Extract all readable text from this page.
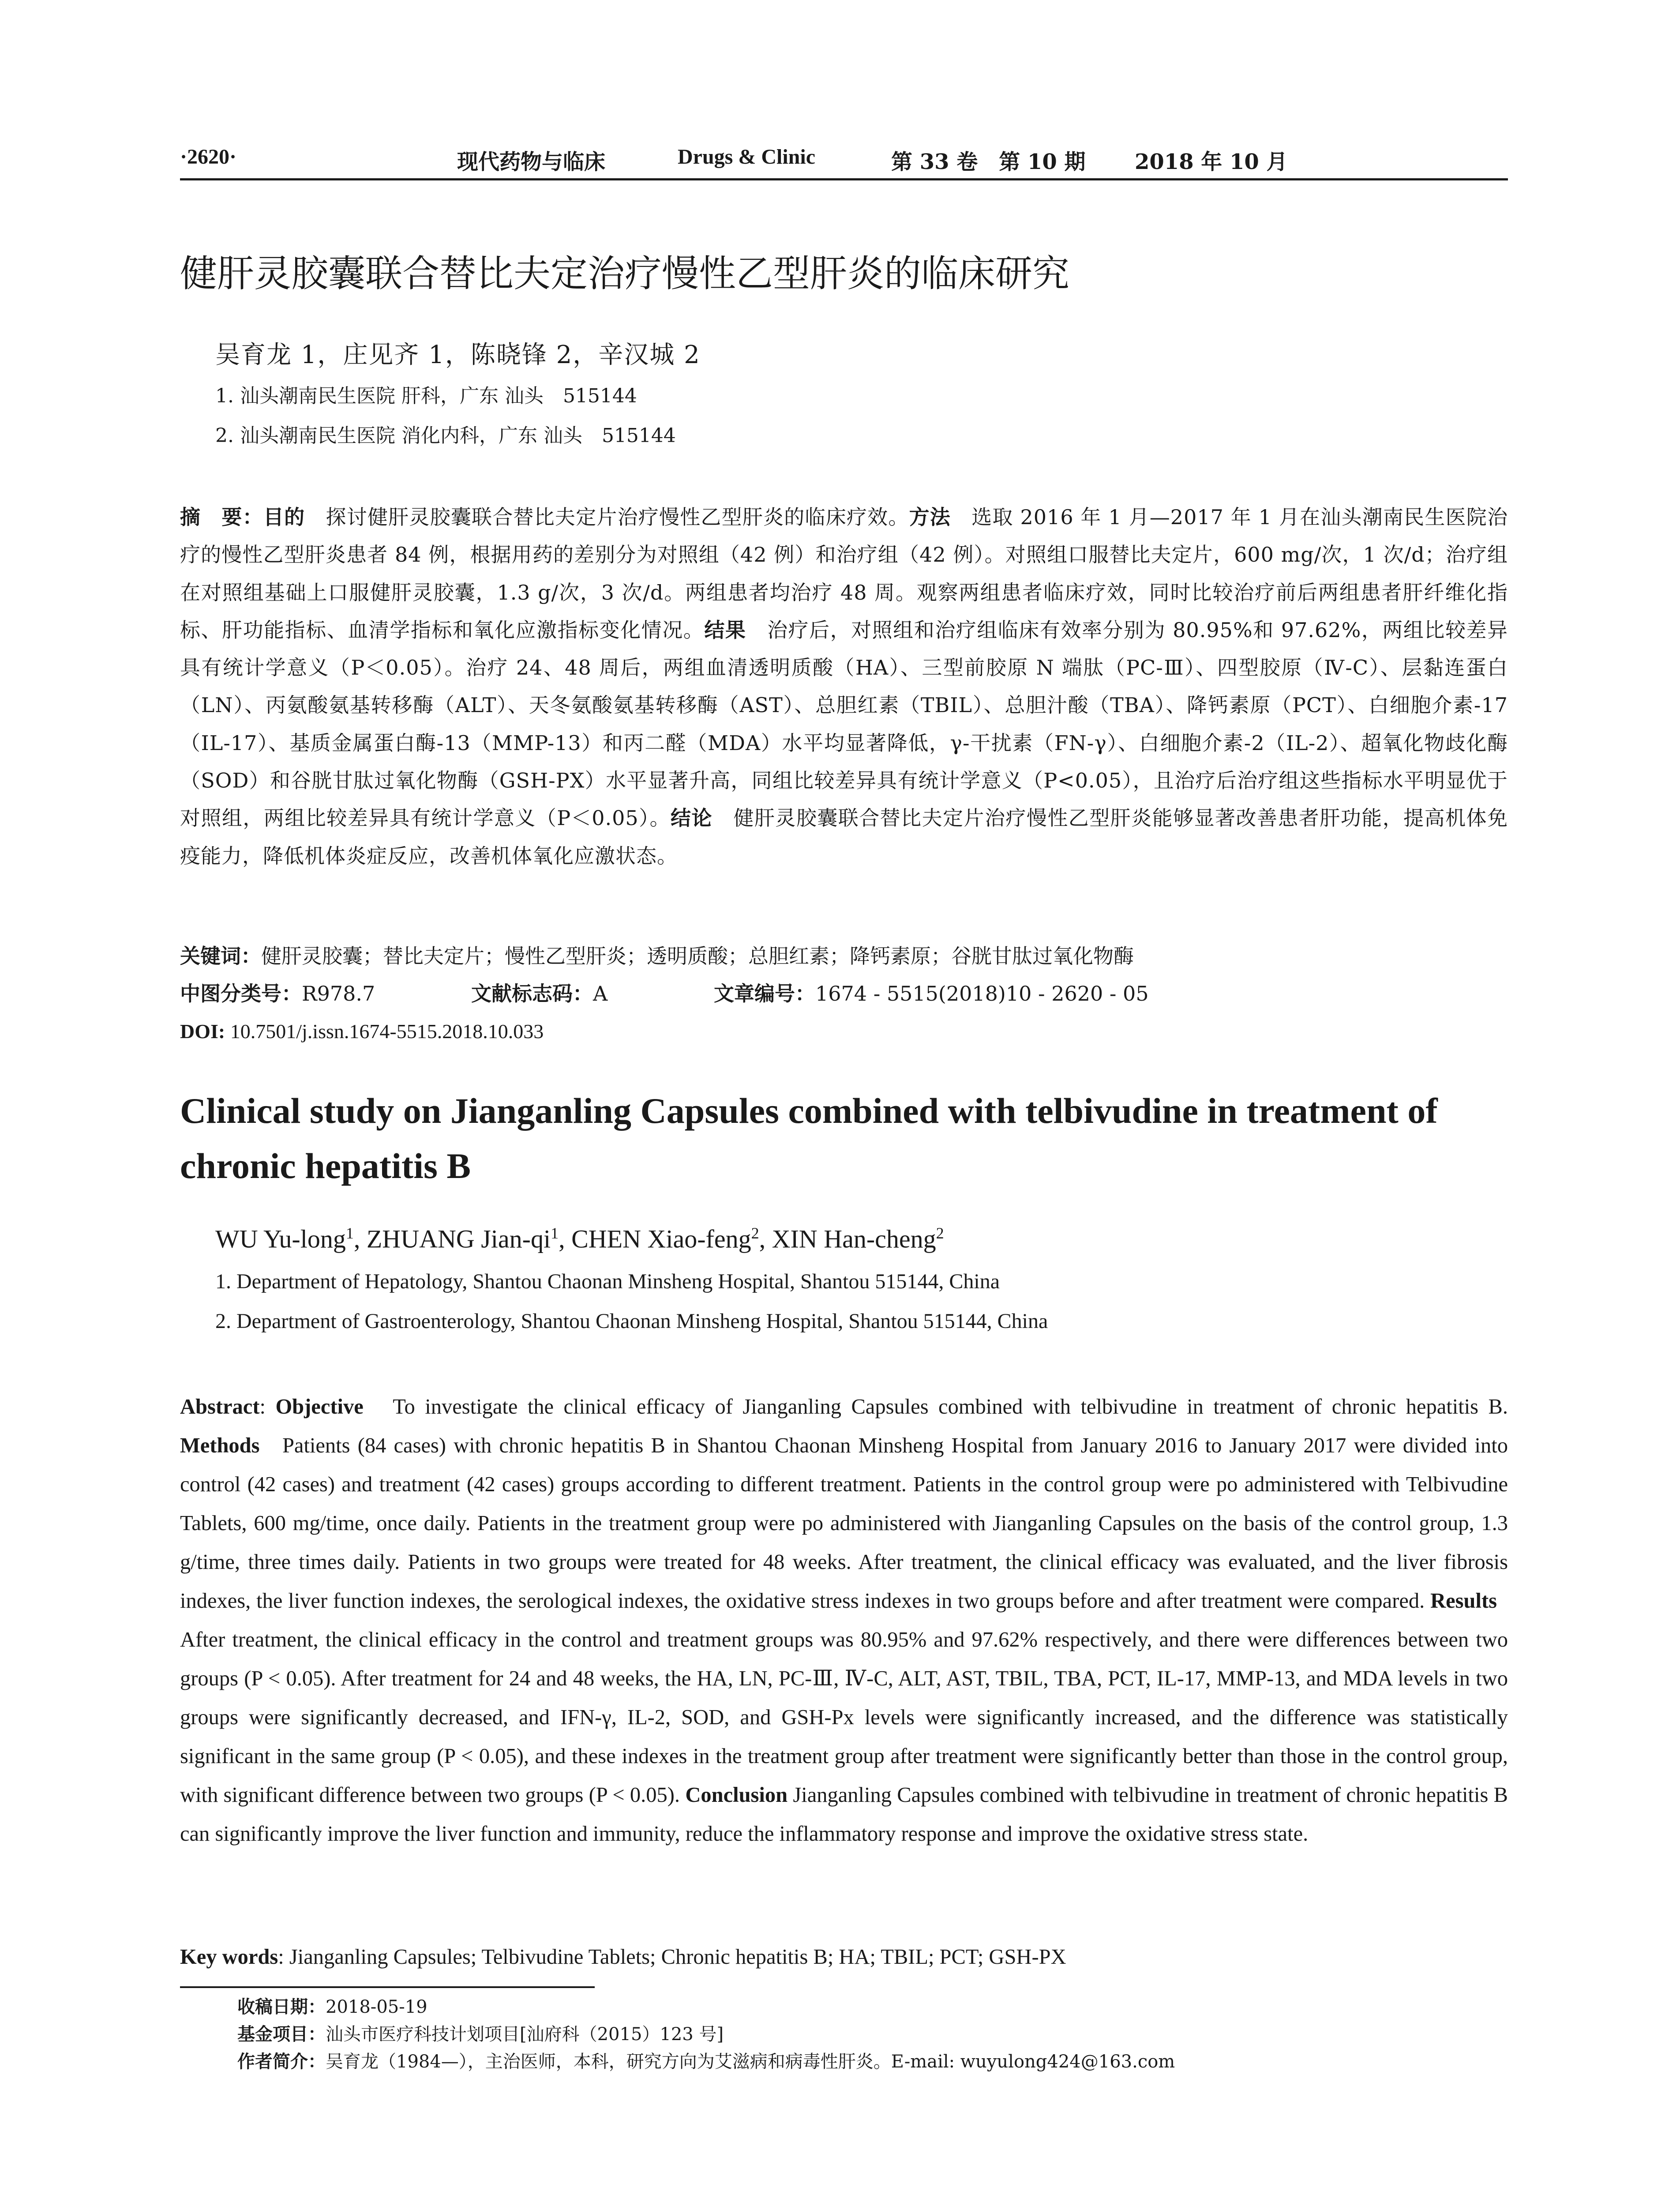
·2620·	现代药物与临床	Drugs & Clinic	第 33 卷　第 10 期 2018 年 10 月
健肝灵胶囊联合替比夫定治疗慢性乙型肝炎的临床研究
吴育龙 1，庄见齐 1，陈晓锋 2，辛汉城 2
1. 汕头潮南民生医院 肝科，广东 汕头　515144
2. 汕头潮南民生医院 消化内科，广东 汕头　515144
摘　要：目的　 探讨健肝灵胶囊联合替比夫定片治疗慢性乙型肝炎的临床疗效。方法　 选取 2016 年 1 月—2017 年 1 月在汕头潮南民生医院治疗的慢性乙型肝炎患者 84 例，根据用药的差别分为对照组（42 例）和治疗组（42 例）。对照组口服替比夫定片，600 mg/次，1 次/d；治疗组在对照组基础上口服健肝灵胶囊，1.3 g/次，3 次/d。两组患者均治疗 48 周。观察两组患者临床疗效，同时比较治疗前后两组患者肝纤维化指标、肝功能指标、血清学指标和氧化应激指标变化情况。结果　 治疗后，对照组和治疗组临床有效率分别为 80.95%和 97.62%，两组比较差异具有统计学意义（P＜0.05）。治疗 24、48 周后，两组血清透明质酸（HA）、三型前胶原 N 端肽（PC-Ⅲ）、四型胶原（Ⅳ-C）、层黏连蛋白（LN）、丙氨酸氨基转移酶（ALT）、天冬氨酸氨基转移酶（AST）、总胆红素（TBIL）、总胆汁酸（TBA）、降钙素原（PCT）、白细胞介素-17（IL-17）、基质金属蛋白酶-13（MMP-13）和丙二醛（MDA）水平均显著降低，γ-干扰素（FN-γ）、白细胞介素-2（IL-2）、超氧化物歧化酶（SOD）和谷胱甘肽过氧化物酶（GSH-PX）水平显著升高，同组比较差异具有统计学意义（P<0.05），且治疗后治疗组这些指标水平明显优于对照组，两组比较差异具有统计学意义（P＜0.05）。结论　 健肝灵胶囊联合替比夫定片治疗慢性乙型肝炎能够显著改善患者肝功能，提高机体免疫能力，降低机体炎症反应，改善机体氧化应激状态。
关键词：健肝灵胶囊；替比夫定片；慢性乙型肝炎；透明质酸；总胆红素；降钙素原；谷胱甘肽过氧化物酶
中图分类号：R978.7	文献标志码：A	文章编号：1674 - 5515(2018)10 - 2620 - 05
DOI: 10.7501/j.issn.1674-5515.2018.10.033
Clinical study on Jianganling Capsules combined with telbivudine in treatment of chronic hepatitis B
WU Yu-long$^1$, ZHUANG Jian-$qi^1$, CHEN Xiao-feng$^2$, XIN Han-cheng$^2$
1. Department of Hepatology, Shantou Chaonan Minsheng Hospital, Shantou 515144, China
2. Department of Gastroenterology, Shantou Chaonan Minsheng Hospital, Shantou 515144, China
Abstract: Objective To investigate the clinical efficacy of Jianganling Capsules combined with telbivudine in treatment of chronic hepatitis B. Methods Patients (84 cases) with chronic hepatitis B in Shantou Chaonan Minsheng Hospital from January 2016 to January 2017 were divided into control (42 cases) and treatment (42 cases) groups according to different treatment. Patients in the control group were po administered with Telbivudine Tablets, 600 mg/time, once daily. Patients in the treatment group were po administered with Jianganling Capsules on the basis of the control group, 1.3 g/time, three times daily. Patients in two groups were treated for 48 weeks. After treatment, the clinical efficacy was evaluated, and the liver fibrosis indexes, the liver function indexes, the serological indexes, the oxidative stress indexes in two groups before and after treatment were compared. Results   After treatment, the clinical efficacy in the control and treatment groups was 80.95% and 97.62% respectively, and there were differences between two groups (P < 0.05). After treatment for 24 and 48 weeks, the HA, LN, PC-Ⅲ, Ⅳ-C, ALT, AST, TBIL, TBA, PCT, IL-17, MMP-13, and MDA levels in two groups were significantly decreased, and IFN-γ, IL-2, SOD, and GSH-Px levels were significantly increased, and the difference was statistically significant in the same group (P < 0.05), and these indexes in the treatment group after treatment were significantly better than those in the control group, with significant difference between two groups (P < 0.05). Conclusion Jianganling Capsules combined with telbivudine in treatment of chronic hepatitis B can significantly improve the liver function and immunity, reduce the inflammatory response and improve the oxidative stress state.
Key words: Jianganling Capsules; Telbivudine Tablets; Chronic hepatitis B; HA; TBIL; PCT; GSH-PX
收稿日期：2018-05-19
基金项目：汕头市医疗科技计划项目[汕府科（2015）123 号]
作者简介：吴育龙（1984—），主治医师，本科，研究方向为艾滋病和病毒性肝炎。E-mail: wuyulong424@163.com
